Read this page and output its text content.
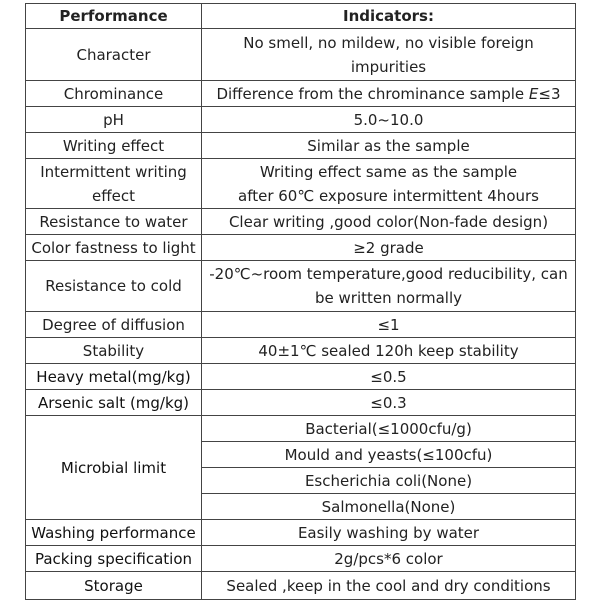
Performance	Indicators:
Character	No smell, no mildew, no visible foreign
impurities
Chrominance	Difference from the chrominance sample E≤3
pH	5.0~10.0
Writing effect	Similar as the sample
Intermittent writing
effect	Writing effect same as the sample
after 60℃ exposure intermittent 4hours
Resistance to water	Clear writing ,good color(Non-fade design)
Color fastness to light	≥2 grade
Resistance to cold	-20℃~room temperature,good reducibility, can
be written normally
Degree of diffusion	≤1
Stability	40±1℃ sealed 120h keep stability
Heavy metal(mg/kg)	≤0.5
Arsenic salt (mg/kg)	≤0.3
Microbial limit	Bacterial(≤1000cfu/g)
	Mould and yeasts(≤100cfu)
	Escherichia coli(None)
	Salmonella(None)
Washing performance	Easily washing by water
Packing specification	2g/pcs*6 color
Storage	Sealed ,keep in the cool and dry conditions
